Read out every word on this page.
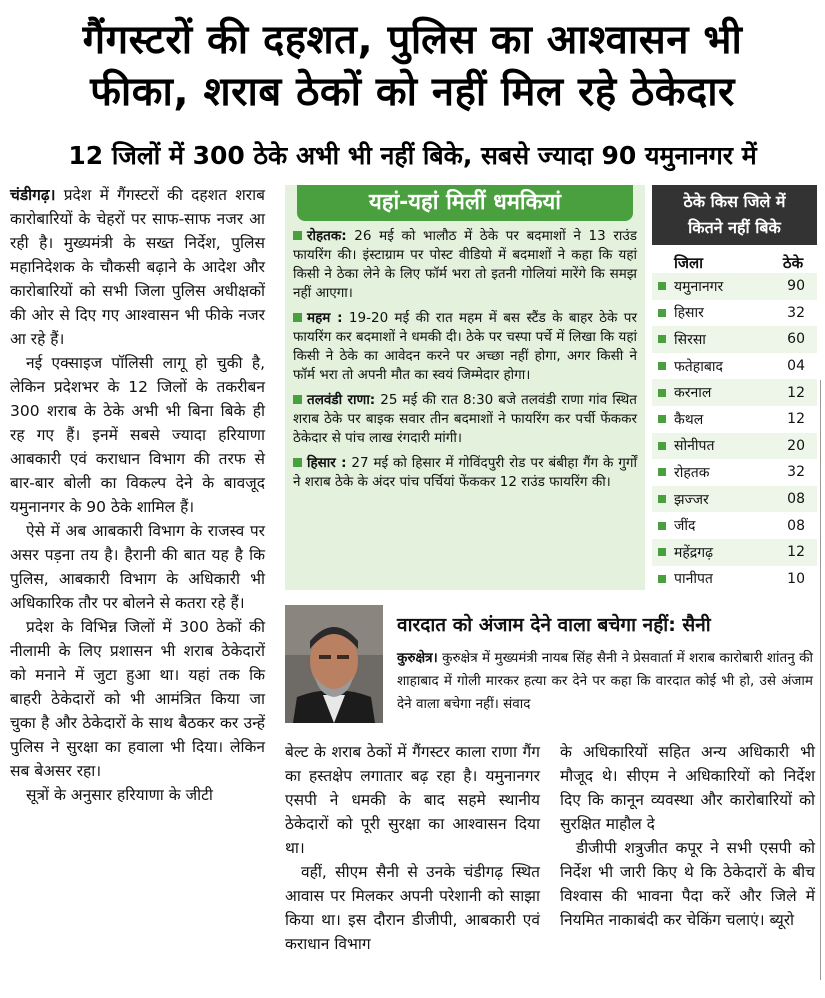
गैंगस्टरों की दहशत, पुलिस का आश्वासन भी
फीका, शराब ठेकों को नहीं मिल रहे ठेकेदार
12 जिलों में 300 ठेके अभी भी नहीं बिके, सबसे ज्यादा 90 यमुनानगर में

चंडीगढ़। प्रदेश में गैंगस्टरों की दहशत शराब कारोबारियों के चेहरों पर साफ-साफ नजर आ रही है। मुख्यमंत्री के सख्त निर्देश, पुलिस महानिदेशक के चौकसी बढ़ाने के आदेश और कारोबारियों को सभी जिला पुलिस अधीक्षकों की ओर से दिए गए आश्वासन भी फीके नजर आ रहे हैं।

नई एक्साइज पॉलिसी लागू हो चुकी है, लेकिन प्रदेशभर के 12 जिलों के तकरीबन 300 शराब के ठेके अभी भी बिना बिके ही रह गए हैं। इनमें सबसे ज्यादा हरियाणा आबकारी एवं कराधान विभाग की तरफ से बार-बार बोली का विकल्प देने के बावजूद यमुनानगर के 90 ठेके शामिल हैं।

ऐसे में अब आबकारी विभाग के राजस्व पर असर पड़ना तय है। हैरानी की बात यह है कि पुलिस, आबकारी विभाग के अधिकारी भी अधिकारिक तौर पर बोलने से कतरा रहे हैं।

प्रदेश के विभिन्न जिलों में 300 ठेकों की नीलामी के लिए प्रशासन भी शराब ठेकेदारों को मनाने में जुटा हुआ था। यहां तक कि बाहरी ठेकेदारों को भी आमंत्रित किया जा चुका है और ठेकेदारों के साथ बैठकर कर उन्हें पुलिस ने सुरक्षा का हवाला भी दिया। लेकिन सब बेअसर रहा।

सूत्रों के अनुसार हरियाणा के जीटी

यहां-यहां मिलीं धमकियां
रोहतक: 26 मई को भालौठ में ठेके पर बदमाशों ने 13 राउंड फायरिंग की। इंस्टाग्राम पर पोस्ट वीडियो में बदमाशों ने कहा कि यहां किसी ने ठेका लेने के लिए फॉर्म भरा तो इतनी गोलियां मारेंगे कि समझ नहीं आएगा।
महम : 19-20 मई की रात महम में बस स्टैंड के बाहर ठेके पर फायरिंग कर बदमाशों ने धमकी दी। ठेके पर चस्पा पर्चे में लिखा कि यहां किसी ने ठेके का आवेदन करने पर अच्छा नहीं होगा, अगर किसी ने फॉर्म भरा तो अपनी मौत का स्वयं जिम्मेदार होगा।
तलवंडी राणा: 25 मई की रात 8:30 बजे तलवंडी राणा गांव स्थित शराब ठेके पर बाइक सवार तीन बदमाशों ने फायरिंग कर पर्ची फेंककर ठेकेदार से पांच लाख रंगदारी मांगी।
हिसार : 27 मई को हिसार में गोविंदपुरी रोड पर बंबीहा गैंग के गुर्गों ने शराब ठेके के अंदर पांच पर्चियां फेंककर 12 राउंड फायरिंग की।
ठेके किस जिले में
कितने नहीं बिके
जिला	ठेके
यमुनानगर	90
हिसार	32
सिरसा	60
फतेहाबाद	04
करनाल	12
कैथल	12
सोनीपत	20
रोहतक	32
झज्जर	08
जींद	08
महेंद्रगढ़	12
पानीपत	10
वारदात को अंजाम देने वाला बचेगा नहीं: सैनी
कुरुक्षेत्र। कुरुक्षेत्र में मुख्यमंत्री नायब सिंह सैनी ने प्रेसवार्ता में शराब कारोबारी शांतनु की शाहाबाद में गोली मारकर हत्या कर देने पर कहा कि वारदात कोई भी हो, उसे अंजाम देने वाला बचेगा नहीं। संवाद

बेल्ट के शराब ठेकों में गैंगस्टर काला राणा गैंग का हस्तक्षेप लगातार बढ़ रहा है। यमुनानगर एसपी ने धमकी के बाद सहमे स्थानीय ठेकेदारों को पूरी सुरक्षा का आश्वासन दिया था।

वहीं, सीएम सैनी से उनके चंडीगढ़ स्थित आवास पर मिलकर अपनी परेशानी को साझा किया था। इस दौरान डीजीपी, आबकारी एवं कराधान विभाग

के अधिकारियों सहित अन्य अधिकारी भी मौजूद थे। सीएम ने अधिकारियों को निर्देश दिए कि कानून व्यवस्था और कारोबारियों को सुरक्षित माहौल दे

डीजीपी शत्रुजीत कपूर ने सभी एसपी को निर्देश भी जारी किए थे कि ठेकेदारों के बीच विश्वास की भावना पैदा करें और जिले में नियमित नाकाबंदी कर चेकिंग चलाएं। ब्यूरो
